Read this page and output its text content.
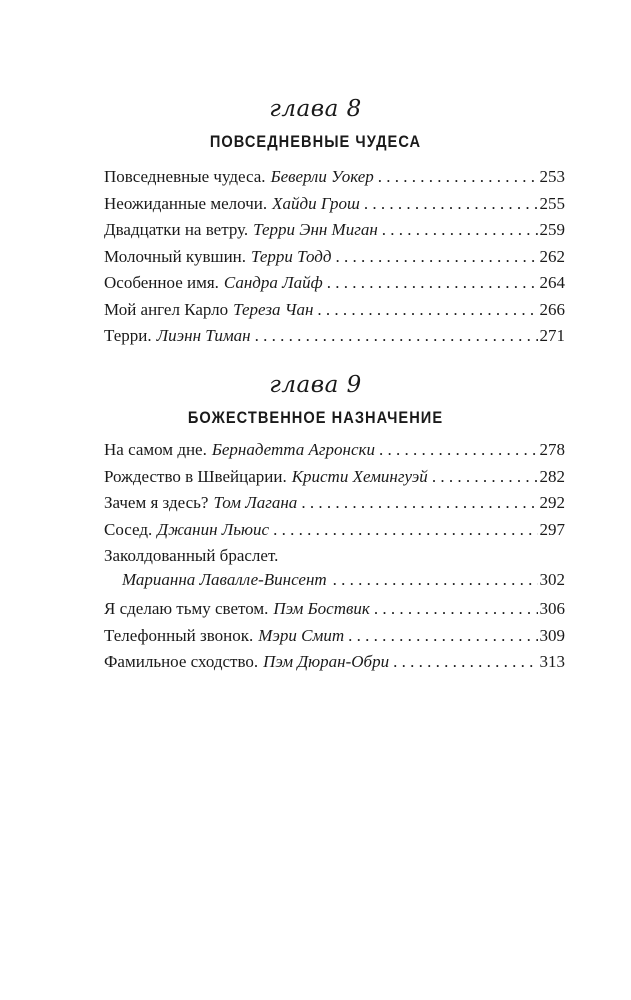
глава 8
ПОВСЕДНЕВНЫЕ ЧУДЕСА
Повседневные чудеса. Беверли Уокер . . .	253
Неожиданные мелочи. Хайди Грош . . .	255
Двадцатки на ветру. Терри Энн Миган . . .	259
Молочный кувшин. Терри Тодд . . .	262
Особенное имя. Сандра Лайф . . .	264
Мой ангел Карло Тереза Чан . . .	266
Терри. Лиэнн Тиман . . .	271
глава 9
БОЖЕСТВЕННОЕ НАЗНАЧЕНИЕ
На самом дне. Бернадетта Агронски . . .	278
Рождество в Швейцарии. Кристи Хемингуэй . . .	282
Зачем я здесь? Том Лагана . . .	292
Сосед. Джанин Льюис . . .	297
Заколдованный браслет.
Марианна Лавалле-Винсент . . .	302
Я сделаю тьму светом. Пэм Боствик . . .	306
Телефонный звонок. Мэри Смит . . .	309
Фамильное сходство. Пэм Дюран-Обри . . .	313
